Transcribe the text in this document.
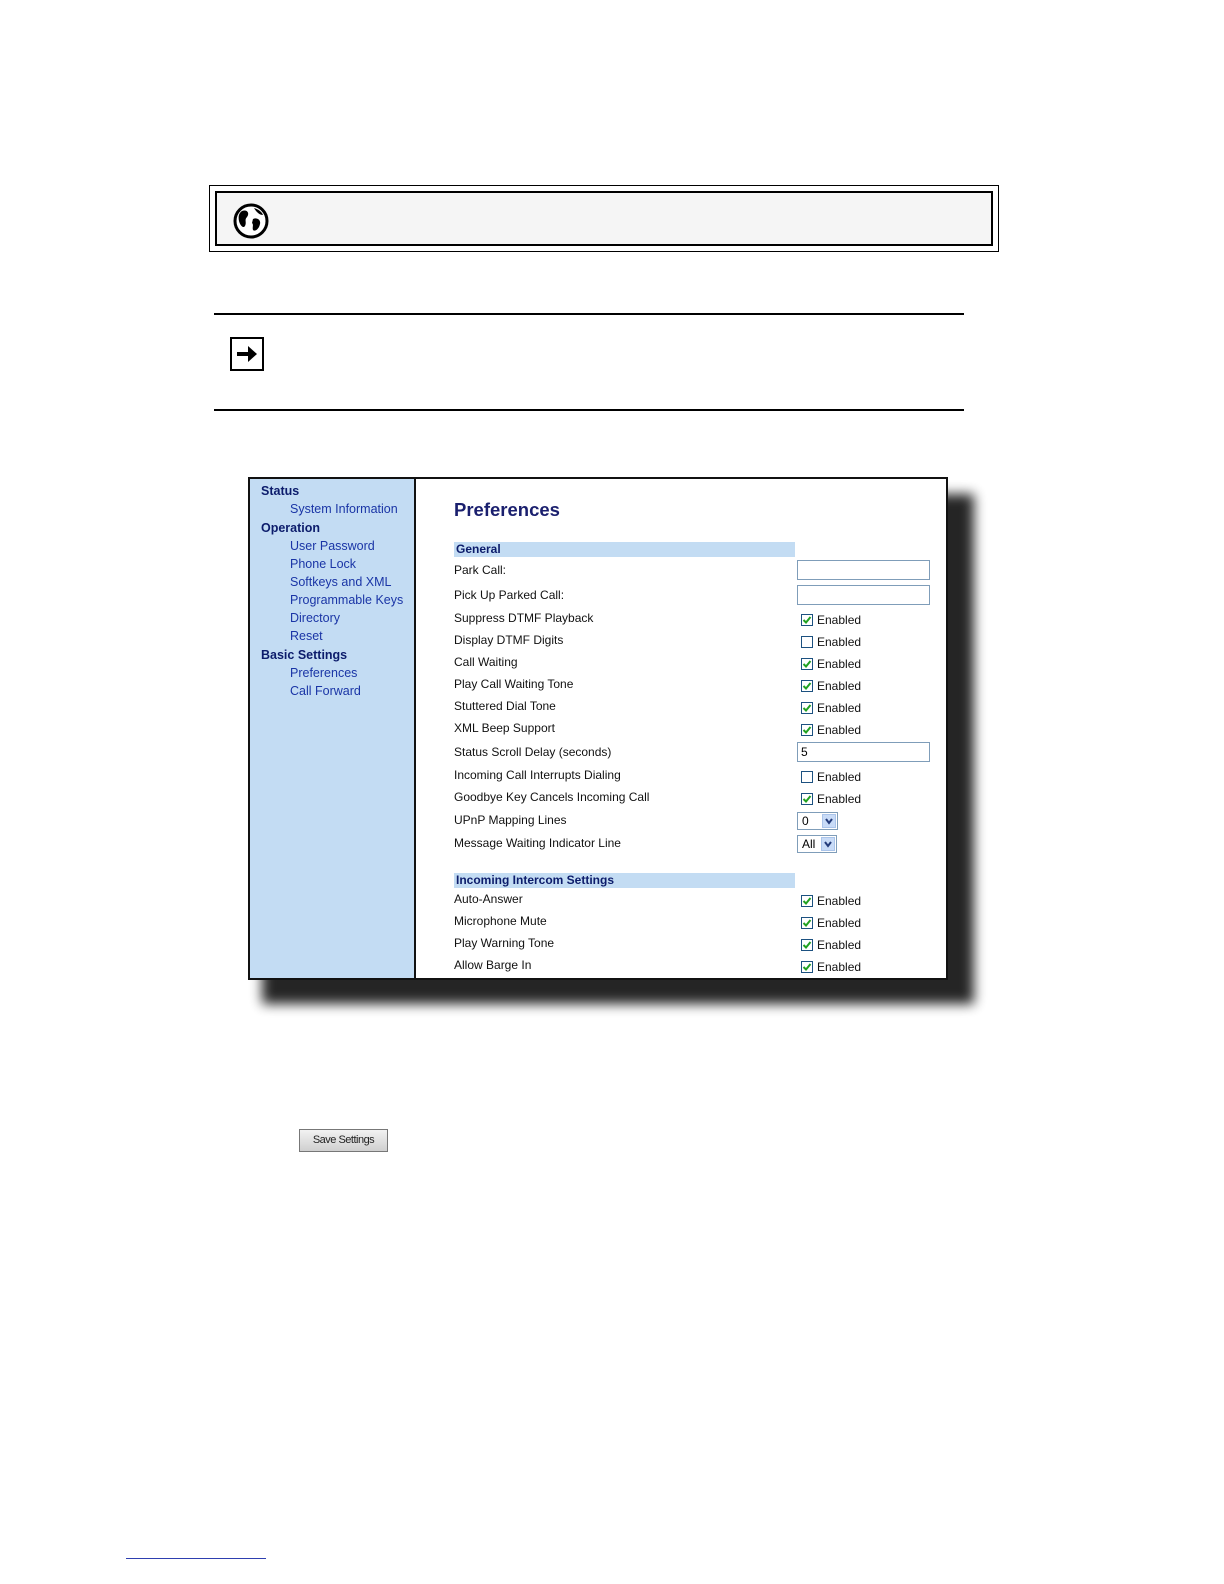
Status
System Information
Operation
User Password
Phone Lock
Softkeys and XML
Programmable Keys
Directory
Reset
Basic Settings
Preferences
Call Forward
Preferences
General
Park Call:
Pick Up Parked Call:
Suppress DTMF Playback	Enabled
Display DTMF Digits	Enabled
Call Waiting	Enabled
Play Call Waiting Tone	Enabled
Stuttered Dial Tone	Enabled
XML Beep Support	Enabled
Status Scroll Delay (seconds)	5
Incoming Call Interrupts Dialing	Enabled
Goodbye Key Cancels Incoming Call	Enabled
UPnP Mapping Lines	0
Message Waiting Indicator Line	All
Incoming Intercom Settings
Auto-Answer	Enabled
Microphone Mute	Enabled
Play Warning Tone	Enabled
Allow Barge In	Enabled
Save Settings
